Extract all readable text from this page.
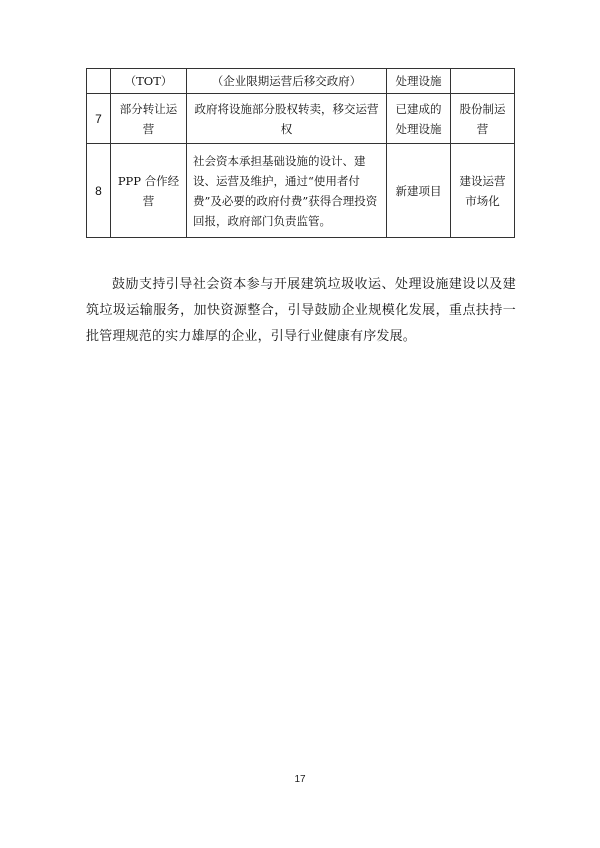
	（TOT）	（企业限期运营后移交政府）	处理设施	
7	部分转让运营	政府将设施部分股权转卖，移交运营权	已建成的处理设施	股份制运营
8	PPP 合作经营	社会资本承担基础设施的设计、建设、运营及维护，通过“使用者付费”及必要的政府付费”获得合理投资回报，政府部门负责监管。	新建项目	建设运营市场化

鼓励支持引导社会资本参与开展建筑垃圾收运、处理设施建设以及建筑垃圾运输服务，加快资源整合，引导鼓励企业规模化发展，重点扶持一批管理规范的实力雄厚的企业，引导行业健康有序发展。

17
